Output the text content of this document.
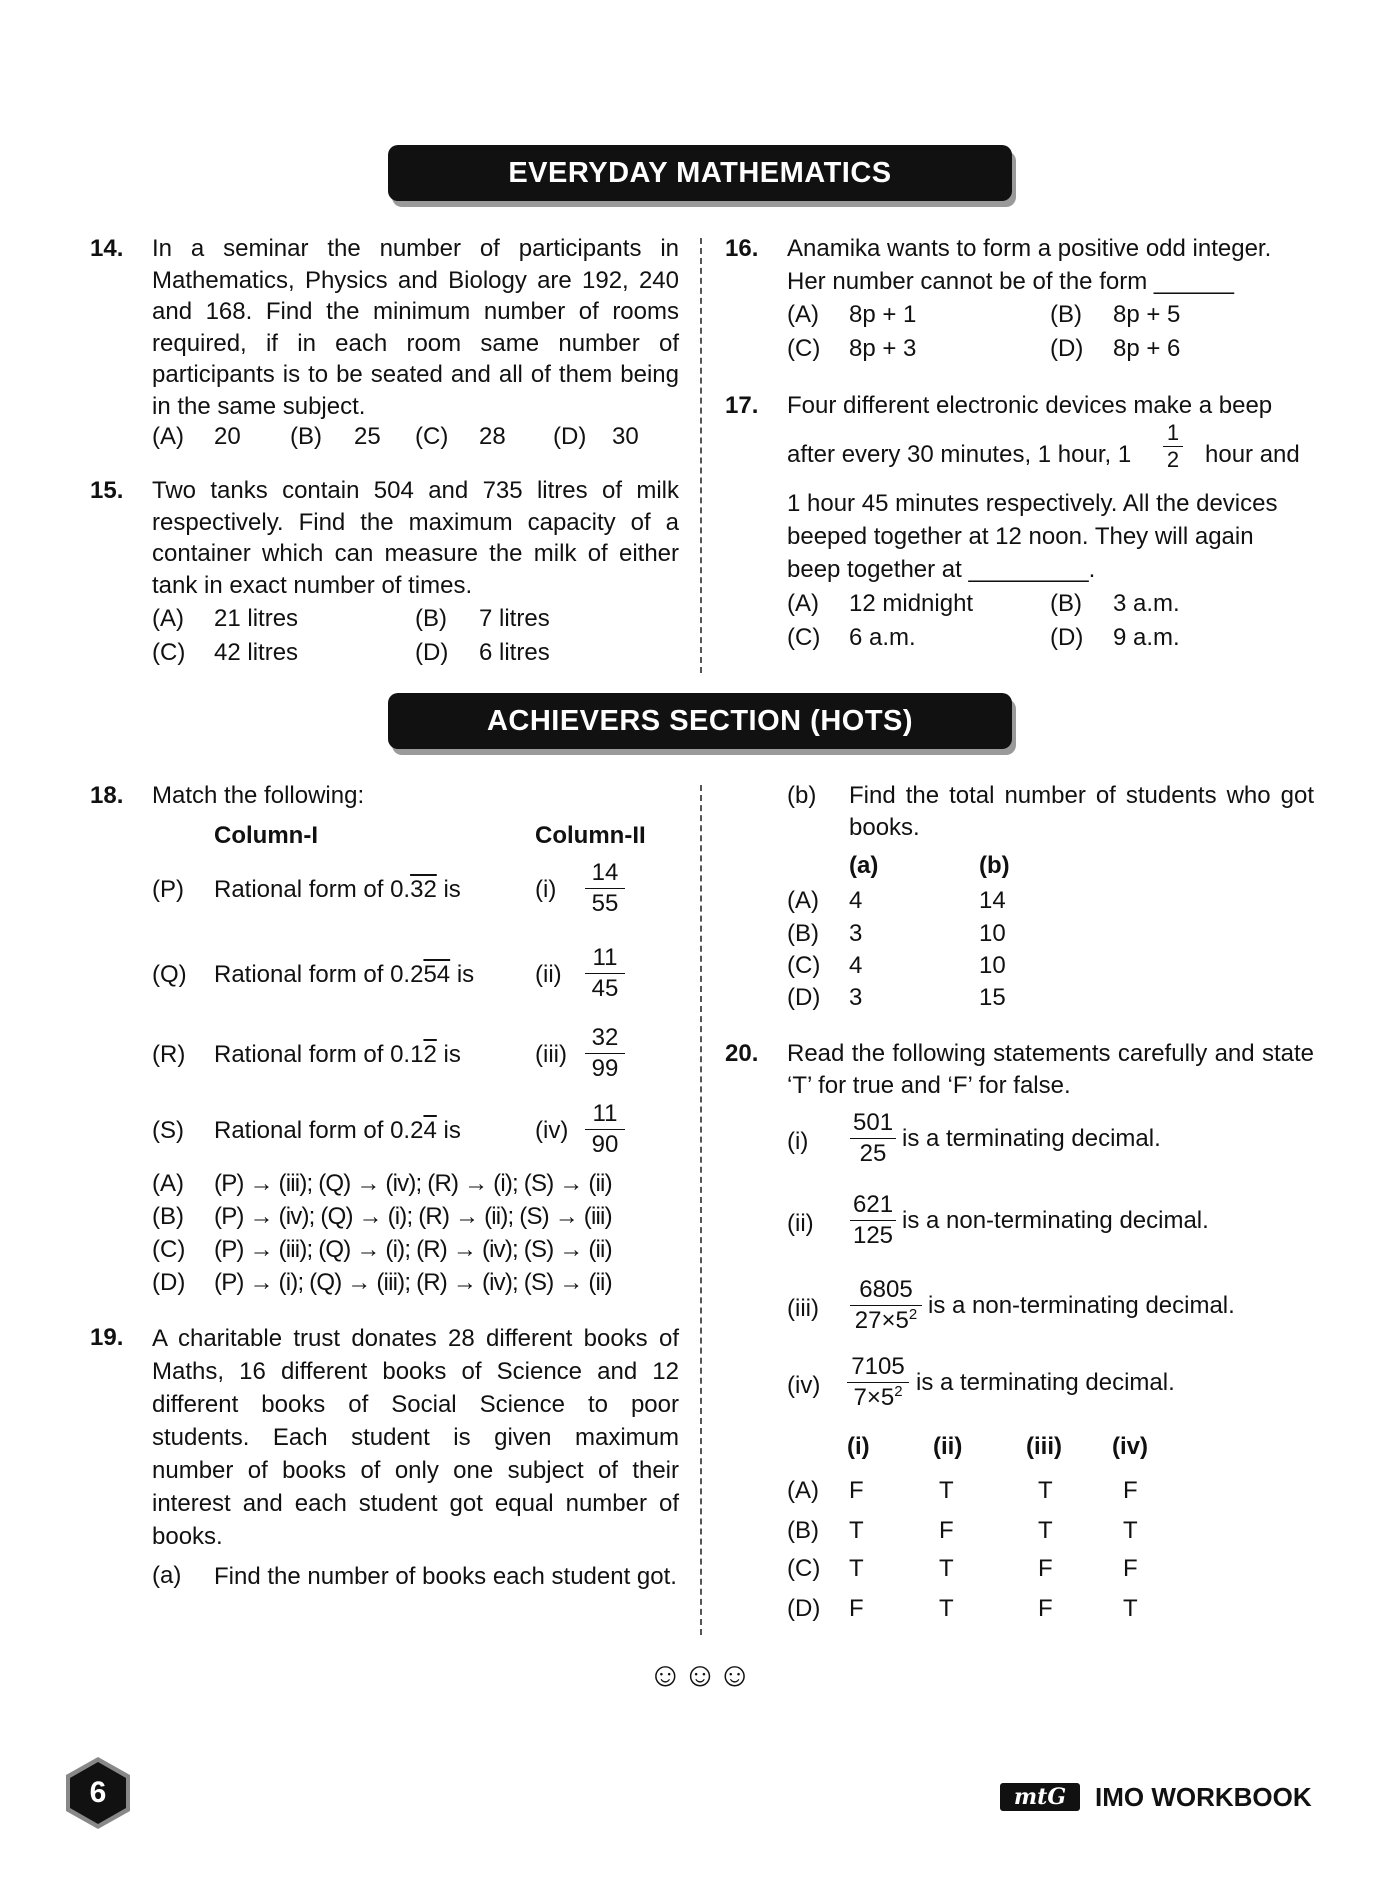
EVERYDAY MATHEMATICS
ACHIEVERS SECTION (HOTS)
14. In a seminar the number of participants in Mathematics, Physics and Biology are 192, 240 and 168. Find the minimum number of rooms required, if in each room same number of participants is to be seated and all of them being in the same subject.
(A) 20 (B) 25 (C) 28 (D) 30
15. Two tanks contain 504 and 735 litres of milk respectively. Find the maximum capacity of a container which can measure the milk of either tank in exact number of times.
(A) 21 litres	(B) 7 litres
(C) 42 litres	(D) 6 litres
16. Anamika wants to form a positive odd integer.
Her number cannot be of the form ______
(A) 8p + 1	(B) 8p + 5
(C) 8p + 3	(D) 8p + 6
17. Four different electronic devices make a beep
after every 30 minutes, 1 hour, $1 \frac{1}{2}$ hour and
1 hour 45 minutes respectively. All the devices
beeped together at 12 noon. They will again
beep together at _________.
(A) 12 midnight	(B) 3 a.m.
(C) 6 a.m.	(D) 9 a.m.
18. Match the following:
Column-I	Column-II
(P) Rational form of 0.32 is	$(i) \frac{14}{55}$
(Q) Rational form of 0.254 is	$(ii) \frac{11}{45}$
(R) Rational form of 0.12 is	$(iii) \frac{32}{99}$
(S) Rational form of 0.24 is	$(iv) \frac{11}{90}$
(A) (P) → (iii); (Q) → (iv); (R) → (i); (S) → (ii)
(B) (P) → (iv); (Q) → (i); (R) → (ii); (S) → (iii)
(C) (P) → (iii); (Q) → (i); (R) → (iv); (S) → (ii)
(D) (P) → (i); (Q) → (iii); (R) → (iv); (S) → (ii)
19. A charitable trust donates 28 different books of Maths, 16 different books of Science and 12 different books of Social Science to poor students. Each student is given maximum number of books of only one subject of their interest and each student got equal number of books.
(a) Find the number of books each student got.
(b) Find the total number of students who got books.
(a)	(b)
(A) 4	14
(B) 3	10
(C) 4	10
(D) 3	15
20. Read the following statements carefully and state ‘T’ for true and ‘F’ for false.
$(i) \frac{501}{25}$ is a terminating decimal.
$(ii) \frac{621}{125}$ is a non-terminating decimal.
$(iii) \frac{6805}{27\times 5^2}$ is a non-terminating decimal.
$(iv) \frac{7105}{7\times 5^2}$ is a terminating decimal.
(i)	(ii)	(iii) (iv)
(A) F	T	T	F
(B) T	F	T	T
(C) T	T	F	F
(D) F	T	F	T
☺☺☺
6	mtG	IMO WORKBOOK
